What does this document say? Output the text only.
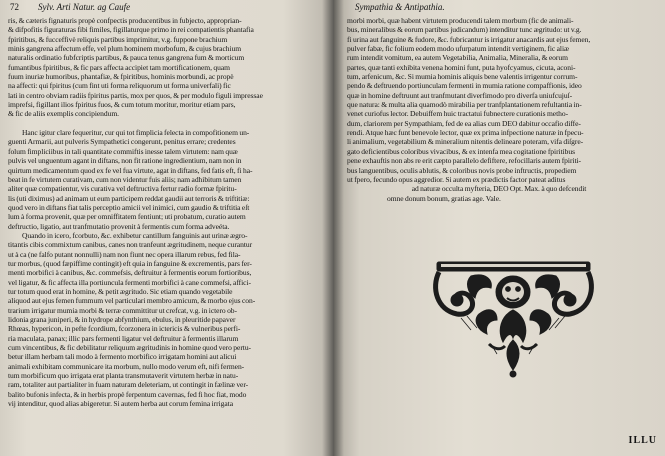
72 Sylv. Arti Natur. ag Caufe
ris, & cæteris fignaturis propè confpectis producentibus in fubjecto, approprian-
& difpofitis figuraturas fibi fimiles, figillaturque primo in rei compatientis phantafia
fpiritibus, & fucceffivè reliquis partibus imprimitur, v.g. fuppone brachium
minis gangrena affectum effe, vel plum hominem morbofum, & cujus brachium
naturalis ordinatio fubfcriptis partibus, & pauca tenus gangrena fum & morticum
fumantibus fpiritibus, & fic pars affecta accipiet tam mortificationem, quam
fuum inuriæ humoribus, phantafiæ, & fpiritibus, hominis morbundi, ac propè
na affecti: qui fpiritus (cum fint uti forma reliquorum ut forma univerfali) fic
lati in centro obviam radiis fpiritus partis, mox per quos, & per modulo figuli impressae
imprefsi, figillant ilios fpiritus fuos, & cum totum moritur, moritur etiam pars,
& fic de aliis exemplis concipiendum.
Hanc igitur clare fequeritur, cur qui tot fimplicia felecta in compofitionem un-
guenti Armarii, aut pulveris Sympathetici congerunt, penitus errare; credentes
folum fimpliciibus in tali quantitate commiftis inesse talem virtutem: nam quæ
pulvis vel unguentum agant in diftans, non fit ratione ingredientium, nam non in
quirtum medicamentum quod ex fe vel fua virtute, agat in diftans, fed fatis eft, fi ha-
beat in fe virtutem curativam, cum non videntur fuis aliis; nam adhibitum tamen
aliter quæ compatientur, vis curativa vel deftructiva fertur radio formæ fpiritu-
lis (uti diximus) ad animam ut eum participem reddat gaudii aut terroris & triftitiæ:
quod vero in diftans fiat talis perceptio amicii vel inimici, cum gaudio & triftitia eſt
lum à forma provenit, quæ per omniffitatem fentiunt; uti probatum, curatio autem
deftructio, ligatio, aut tranfmutatio provenit à fermentis cum forma adveéta.
Quando in icero, fcorbuto, &c. exhibetur cantillum fanguinis aut urinæ ægro-
titantis cibis commixtum canibus, canes non tranfeunt ægritudinem, neque curantur
ut à ca (ne falfo putant nonnulli) nam non fiunt nec opera illarum rebus, fed fila-
tur morbus, (quod fæpiffime contingit) eft quia in fanguine & excrementis, pars fer-
menti morbifici à canibus, &c. commefsis, deftruitur à fermentis eorum fortioribus,
vel ligatur, & fic affecta illa portiuncula fermenti morbifici à cane commefsi, affici-
tur totum quod erat in homine, & petit ægritudo. Sic etiam quando vegetabile
aliquod aut ejus femen fummum vel particulari membro amicum, & morbo ejus con-
trarium irrigatur mumia morbi & terræ committitur ut crefcat, v.g. in ictero ob-
lidonia grana juniperi, & in hydrope abfynthium, ebulus, in pleuritide papaver
Rhœas, hypericon, in pefte fcordium, fcorzonera in ictericis & vulneribus perfi-
ria maculata, panax; illic pars fermenti ligatur vel deftruitur à fermentis illarum
cum vincentibus, & fic debilitatur reliquum ægritudinis in homine quod vero pertu-
betur illam herbam tali modo à fermento morbifico irrigatam homini aut alicui
animali exhibitam communicare ita morbum, nullo modo verum eft, nifi fermen-
tum morbificum quo irrigata erat planta transmutaverit virtutem herbæ in natu-
ram, totaliter aut partialiter in fuam naturam deleteriam, ut contingit in fælinæ ver-
balito bufonis infecta, & in herbis propè ferpentum cavernas, fed fi hoc fiat, modo
vij intenditur, quod alias abigeretur. Si autem herba aut corum femina irrigata
Sympathia & Antipathia.
morbi morbi, quæ habent virtutem producendi talem morbum (fic de animali-
bus, mineralibus & eorum partibus judicandum) intenditur tunc ægritudo: ut v.g.
fi urina aut fanguine & fudore, &c. fubricantur is irrigatur anacardis aut ejus femen,
pulver fabæ, fic folium eodem modo ufurpatum intendit vertiginem, fic aliæ
rum intendit vomitum, ea autem Vegetabilia, Animalia, Mineralia, & eorum
partes, quæ tanti exhibita venena homini funt, puta hyofcyamus, cicuta, aconi-
tum, arfenicum, &c. Si mumia hominis aliquis bene valentis irrigentur corrum-
pendo & deftruendo portiunculam fermenti in mumia ratione compaffionis, ideo
quæ in homine deftruunt aut tranfmutant diverfimodo pro diverfa uniufcujuſ-
que natura: & multa alia quamodò mirabilia per tranfplantationem refultantia in-
venet curiofus lector. Debuiffem huic tractatui fubnectere curationis metho-
dum, clariorem per Sympathiam, fed de ea alias cum DEO dabitur occafio diffe-
rendi. Atque hæc funt benevole lector, quæ ex prima infpectione naturæ in fpecu-
li animalium, vegetabilium & mineralium nitentis delineare poteram, vifa diſgre-
gato deficientibus coloribus vivacibus, & ex intenfa mea cogitatione fpiritibus
pene exhauftis non abs re erit cæpto parallelo defiftere, refocillaris autem fpiriti-
bus languentibus, oculis ablutis, & coloribus novis probe inftructis, propediem
ut fpero, fecundo opus aggredior. Si autem ex prædictis factor pateat aditus
ad naturæ occulta myfteria, DEO Opt. Max. à quo defcendit
omne donum bonum, gratias age. Vale.
ILLU
